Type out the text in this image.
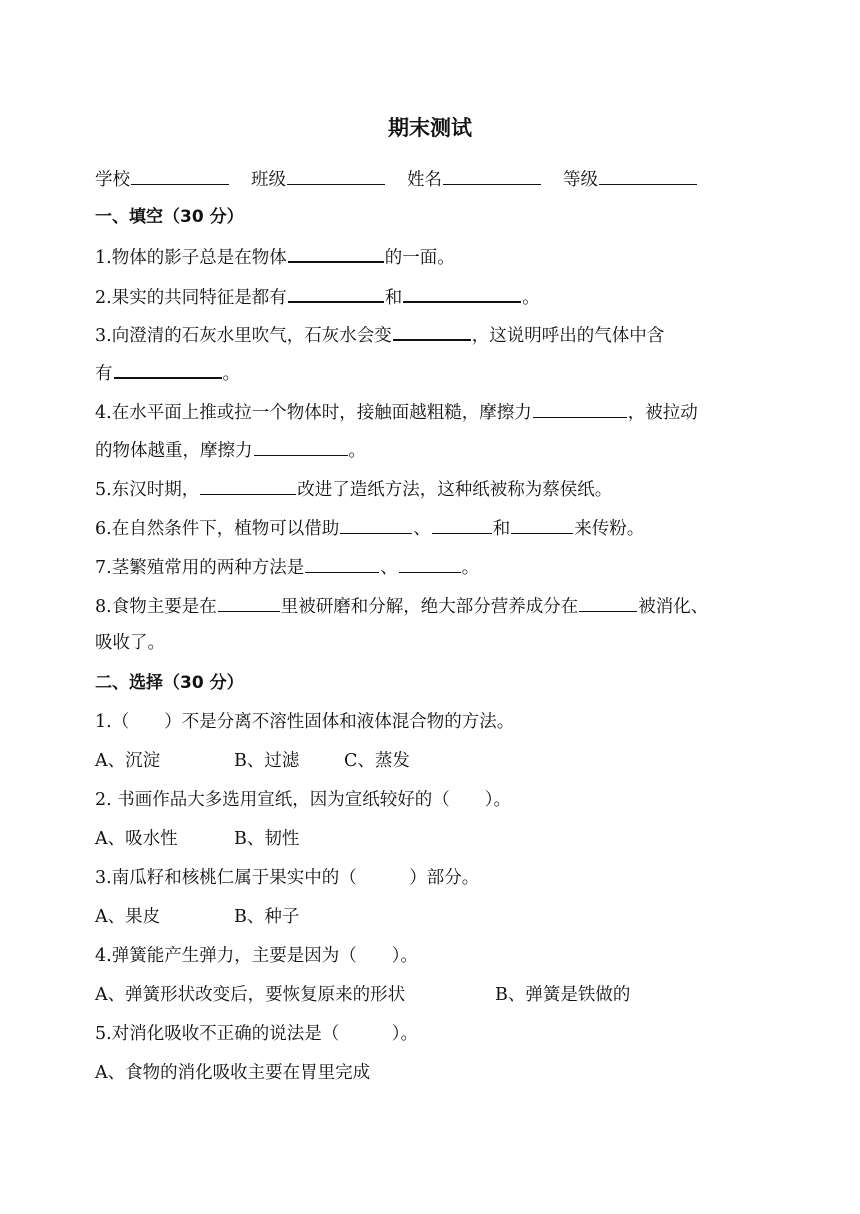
期末测试
学校	班级	姓名	等级
一、填空（30 分）
1.物体的影子总是在物体	的一面。
2.果实的共同特征是都有	和	。
3.向澄清的石灰水里吹气，石灰水会变	，这说明呼出的气体中含
有	。
4.在水平面上推或拉一个物体时，接触面越粗糙，摩擦力	，被拉动
的物体越重，摩擦力	。
5.东汉时期，	改进了造纸方法，这种纸被称为蔡侯纸。
6.在自然条件下，植物可以借助	、	和	来传粉。
7.茎繁殖常用的两种方法是	、	。
8.食物主要是在	里被研磨和分解，绝大部分营养成分在	被消化、
吸收了。
二、选择（30 分）
1.（　　）不是分离不溶性固体和液体混合物的方法。
A、沉淀	B、过滤	C、蒸发
2. 书画作品大多选用宣纸，因为宣纸较好的（　　）。
A、吸水性	B、韧性
3.南瓜籽和核桃仁属于果实中的（　　　）部分。
A、果皮	B、种子
4.弹簧能产生弹力，主要是因为（　　）。
A、弹簧形状改变后，要恢复原来的形状	B、弹簧是铁做的
5.对消化吸收不正确的说法是（　　　）。
A、食物的消化吸收主要在胃里完成
